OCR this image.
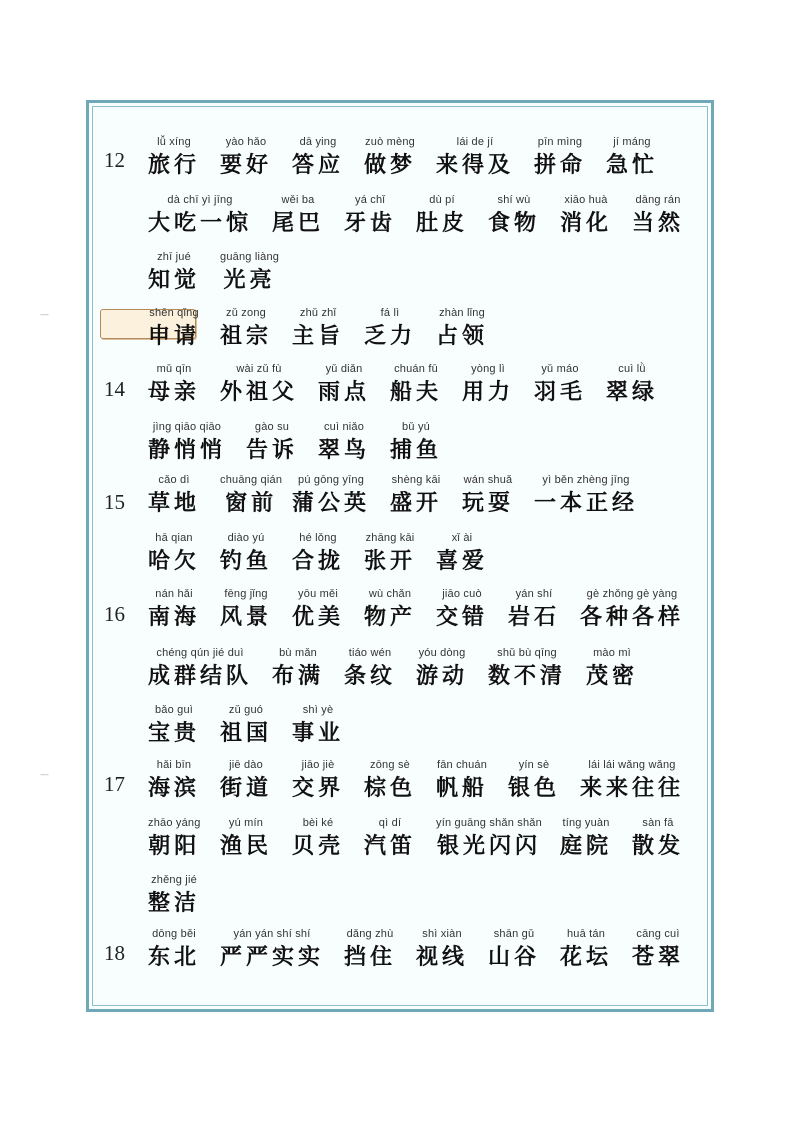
12
lǚ xíng
旅行
yào hǎo
要好
dā ying
答应
zuò mèng
做梦
lái de jí
来得及
pīn mìng
拼命
jí máng
急忙
dà chī yì jīng
大吃一惊
wěi ba
尾巴
yá chǐ
牙齿
dù pí
肚皮
shí wù
食物
xiāo huà
消化
dāng rán
当然
zhī jué
知觉
guāng liàng
光亮
shēn qǐng
申请
zǔ zong
祖宗
zhǔ zhǐ
主旨
fá lì
乏力
zhàn lǐng
占领
14
mǔ qīn
母亲
wài zǔ fù
外祖父
yǔ diǎn
雨点
chuán fū
船夫
yòng lì
用力
yǔ máo
羽毛
cuì lǜ
翠绿
jìng qiāo qiāo
静悄悄
gào su
告诉
cuì niǎo
翠鸟
bǔ yú
捕鱼
15
cǎo dì
草地
chuāng qián
窗前
pú gōng yīng
蒲公英
shèng kāi
盛开
wán shuǎ
玩耍
yì běn zhèng jīng
一本正经
hā qian
哈欠
diào yú
钓鱼
hé lǒng
合拢
zhāng kāi
张开
xǐ ài
喜爱
16
nán hǎi
南海
fēng jǐng
风景
yōu měi
优美
wù chǎn
物产
jiāo cuò
交错
yán shí
岩石
gè zhǒng gè yàng
各种各样
chéng qún jié duì
成群结队
bù mǎn
布满
tiáo wén
条纹
yóu dòng
游动
shǔ bù qīng
数不清
mào mì
茂密
bǎo guì
宝贵
zǔ guó
祖国
shì yè
事业
17
hǎi bīn
海滨
jiē dào
街道
jiāo jiè
交界
zōng sè
棕色
fān chuán
帆船
yín sè
银色
lái lái wǎng wǎng
来来往往
zhāo yáng
朝阳
yú mín
渔民
bèi ké
贝壳
qì dí
汽笛
yín guāng shǎn shǎn
银光闪闪
tíng yuàn
庭院
sàn fā
散发
zhěng jié
整洁
18
dōng běi
东北
yán yán shí shí
严严实实
dǎng zhù
挡住
shì xiàn
视线
shān gǔ
山谷
huā tán
花坛
cāng cuì
苍翠
—
—
